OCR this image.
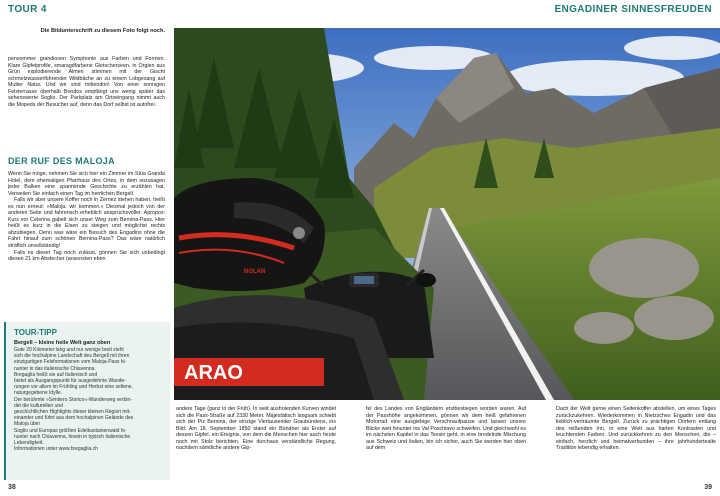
TOUR 4	ENGADINER SINNESFREUDEN
Die Bildunterschrift zu diesem Foto folgt noch.
ARAO
NOLAN

pensommer grandiosen Symphonie aus Farben und Formen. Klare Gipfelprofile, smaragdfarbene Gletscherseen, in Orgien aus Grün explodierende Almen stimmen mit der Gischt schmelzwasserführender Wildbäche an zu einem Lobgesang auf Mutter Natur. Und wir sind mittendrin! Von einer sonnigen Felsterrasse oberhalb Bondos empfängt uns wenig später das sehenswerte Soglio. Der Parkplatz am Ortseingang nimmt auch die Mopeds der Besucher auf, denn das Dorf selbst ist autofrei.

DER RUF DES MALOJA

Wenn Sie möge, nehmen Sie sich hier ein Zimmer im Stüa Granda Hotel, dem ehemaligen Pfarrhaus des Ortes, in dem sozusagen jeder Balken eine spannende Geschichte zu erzählen hat. Verweilen Sie einfach einen Tag im herrlichen Bergell.

Falls wir aber unsere Koffer noch in Zernez stehen haben, heißt es nun erneut: »Maloja: wir kommen.« Diesmal jedoch von der anderen Seite und fahrerisch erheblich anspruchsvoller. Apropos: Kurz vor Celerina gabelt sich unser Weg zum Bernina-Pass. Hier heißt es kurz in die Eisen zu steigen und möglichst rechts abzubiegen. Denn was wäre ein Besuch des Engadins ohne die Fahrt hinauf zum schönen Bernina-Pass? Das wäre natürlich sträflich unvollständig!

Falls es dieser Tag noch zulässt, gönnen Sie sich unbedingt diesen 21 km Abstecher (ansonsten eben

TOUR-TIPP
Bergell – kleine heile Welt ganz oben
Gute 20 Kilometer lang und nur wenige breit zieht
sich die hochalpine Landschaft des Bergell mit ihren
einzigartigen Felsformationen vom Maloja-Pass hi-
nunter in das italienische Chiavenna.
Bregaglia heißt sie auf Italienisch und
bietet als Ausgangspunkt für ausgedehnte Wande-
rungen vor allem im Frühling und Herbst eine seltene,
naturgegebene Idylle.
Der berühmte »Sentiero Storico«-Wanderweg verbin-
det die kulturellen und
geschichtlichen Highlights dieser kleinen Region mit-
einander und führt aus dem hochalpinen Gelände des
Maloja über
Soglio und Europas größten Edelkastanienwald hi-
nunter nach Chiavenna, hinein in typisch italienische
Lebendigkeit.
Informationen unter www.bregaglia.ch
andere Tage (ganz in der Früh). In weit ausholenden Kurven windet sich die Pass-Straße auf 2330 Meter. Majestätisch langsam schiebt sich der Piz Bernina, der einzige Viertausender Graubündens, ins Bild. Am 18. September 1850 stand ein Bündner als Erster auf dessen Gipfel, ein Ereignis, von dem die Menschen hier auch heute noch mit Stolz berichten. Eine durchaus verständliche Regung, nachdem sämtliche andere Gip-
fel des Landes von Engländern erstbestiegen worden waren. Auf der Passhöhe angekommen, gönnen wir dem heiß gefahrenen Motorrad eine ausgiebige Verschnaufpause und lassen unsere Blicke weit hinunter ins Val Poschiavo schweifen. Und gleichwohl es im nächsten Kapitel in das Tessin geht, in eine brodelnde Mischung aus Schweiz und Italien, bin ich sicher, auch Sie werden hier oben auf dem
Dach der Welt gerne einen Seitenkoffer abstellen, um eines Tages zurückzukehren. Wiederkommen in Nietzsches Engadin und das lieblich-verträumte Bergell. Zurück zu prächtigen Dörfern entlang des reißenden Inn, in eine Welt aus harten Kontrasten und leuchtenden Farben. Und zurückkehren zu den Menschen, die – einfach, herzlich und heimatverbunden – ihre jahrhundertealte Tradition lebendig erhalten.
38	39
